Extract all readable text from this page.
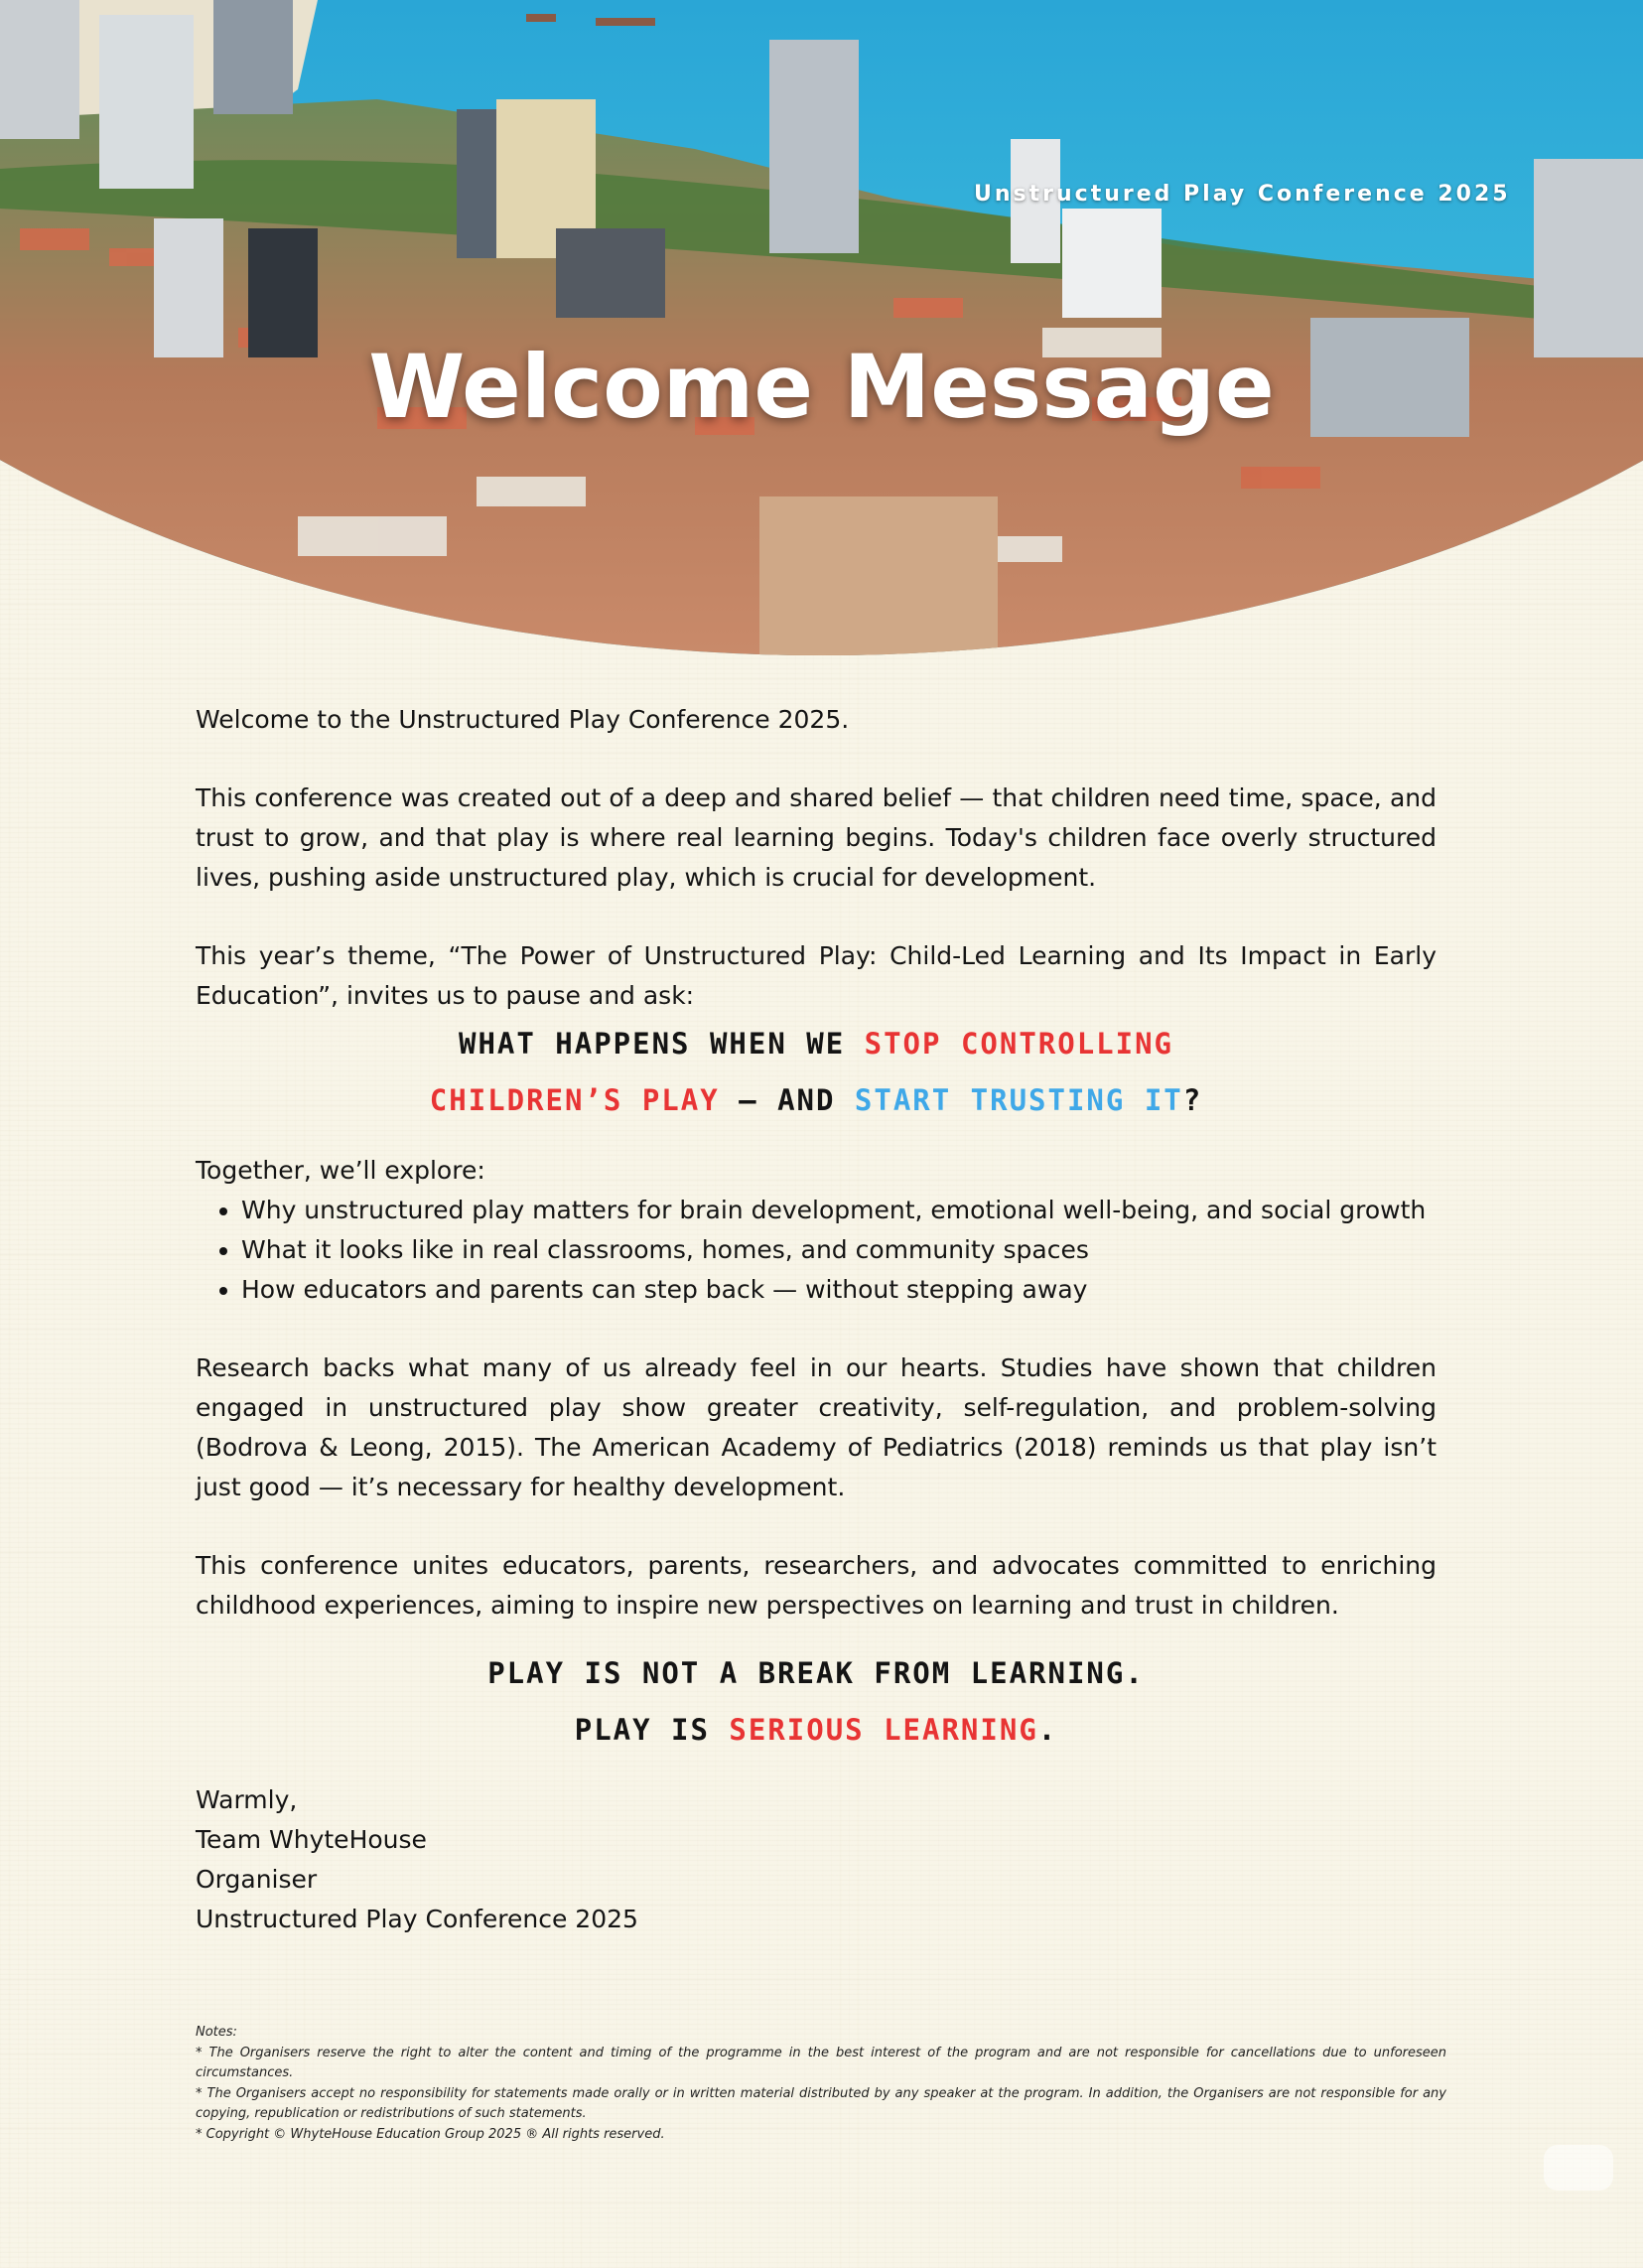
Unstructured Play Conference 2025
Welcome Message

Welcome to the Unstructured Play Conference 2025.

This conference was created out of a deep and shared belief — that children need time, space, and trust to grow, and that play is where real learning begins. Today's children face overly structured lives, pushing aside unstructured play, which is crucial for development.

This year’s theme, “The Power of Unstructured Play: Child-Led Learning and Its Impact in Early Education”, invites us to pause and ask:

WHAT HAPPENS WHEN WE STOP CONTROLLING
CHILDREN’S PLAY — AND START TRUSTING IT?

Together, we’ll explore:

• Why unstructured play matters for brain development, emotional well-being, and social growth
• What it looks like in real classrooms, homes, and community spaces
• How educators and parents can step back — without stepping away

Research backs what many of us already feel in our hearts. Studies have shown that children engaged in unstructured play show greater creativity, self-regulation, and problem-solving (Bodrova & Leong, 2015). The American Academy of Pediatrics (2018) reminds us that play isn’t just good — it’s necessary for healthy development.

This conference unites educators, parents, researchers, and advocates committed to enriching childhood experiences, aiming to inspire new perspectives on learning and trust in children.

PLAY IS NOT A BREAK FROM LEARNING.
PLAY IS SERIOUS LEARNING.
Warmly,
Team WhyteHouse
Organiser
Unstructured Play Conference 2025
Notes:
* The Organisers reserve the right to alter the content and timing of the programme in the best interest of the program and are not responsible for cancellations due to unforeseen circumstances.
* The Organisers accept no responsibility for statements made orally or in written material distributed by any speaker at the program. In addition, the Organisers are not responsible for any copying, republication or redistributions of such statements.
* Copyright © WhyteHouse Education Group 2025 ® All rights reserved.
